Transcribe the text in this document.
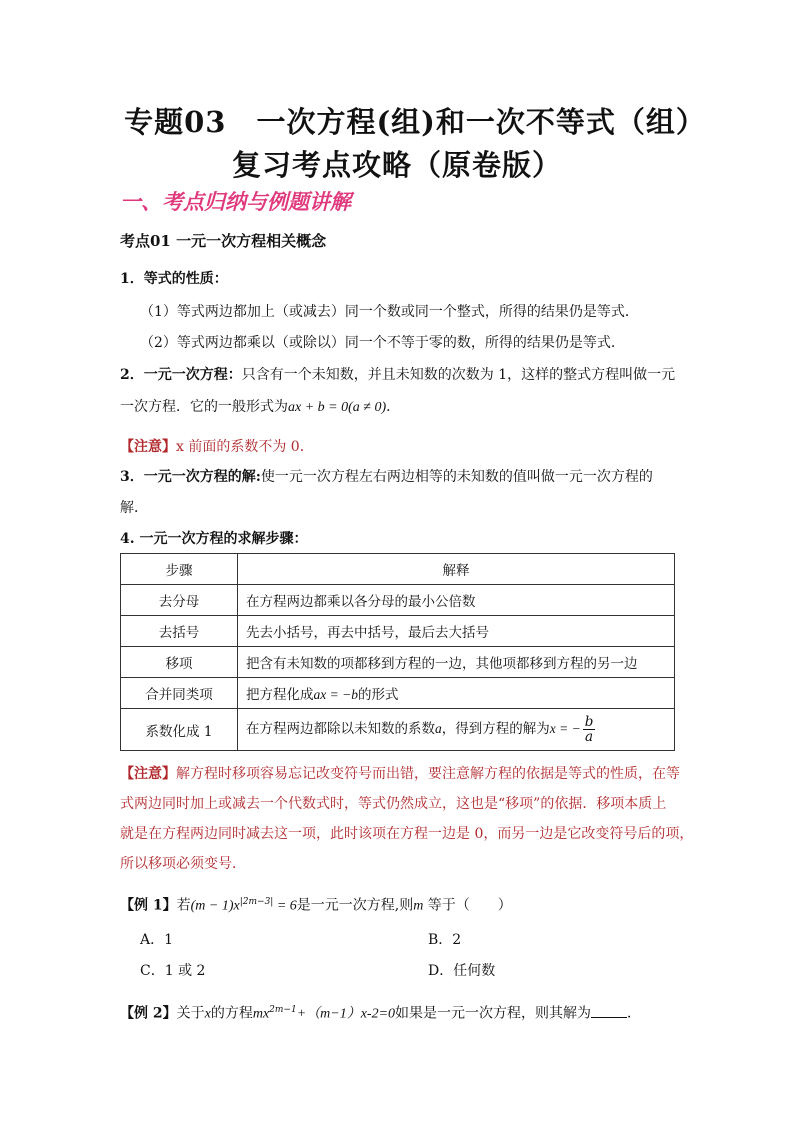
专题03　一次方程(组)和一次不等式（组）
复习考点攻略（原卷版）
一、考点归纳与例题讲解
考点01 一元一次方程相关概念
1．等式的性质：
（1）等式两边都加上（或减去）同一个数或同一个整式，所得的结果仍是等式．
（2）等式两边都乘以（或除以）同一个不等于零的数，所得的结果仍是等式．
2．一元一次方程：只含有一个未知数，并且未知数的次数为 1，这样的整式方程叫做一元
一次方程．它的一般形式为ax + b = 0(a ≠ 0)．
【注意】x 前面的系数不为 0．
3．一元一次方程的解:使一元一次方程左右两边相等的未知数的值叫做一元一次方程的
解．
4. 一元一次方程的求解步骤：
步骤	解释
去分母	在方程两边都乘以各分母的最小公倍数
去括号	先去小括号，再去中括号，最后去大括号
移项	把含有未知数的项都移到方程的一边，其他项都移到方程的另一边
合并同类项	把方程化成ax = −b的形式
系数化成 1	在方程两边都除以未知数的系数a，得到方程的解为x = − $\frac{b}{a}$
【注意】解方程时移项容易忘记改变符号而出错，要注意解方程的依据是等式的性质，在等
式两边同时加上或减去一个代数式时，等式仍然成立，这也是“移项”的依据．移项本质上
就是在方程两边同时减去这一项，此时该项在方程一边是 0，而另一边是它改变符号后的项，
所以移项必须变号．
【例 1】若$(m - 1)x^{|2m-3|} = 6$是一元一次方程,则m 等于（　　）
A．1	B．2
C．1 或 2	D．任何数
【例 2】关于x的方程$mx^{2m-1}+(m-1)x-2=0$如果是一元一次方程，则其解为	．
